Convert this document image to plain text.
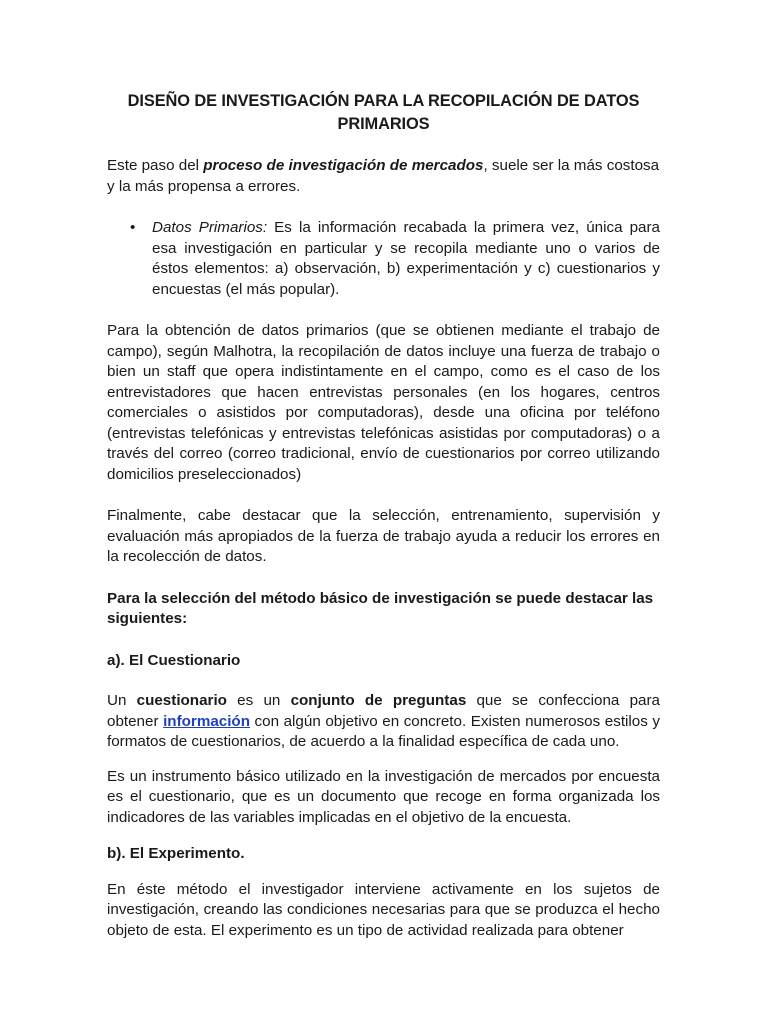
DISEÑO DE INVESTIGACIÓN PARA LA RECOPILACIÓN DE DATOS PRIMARIOS

Este paso del proceso de investigación de mercados, suele ser la más costosa y la más propensa a errores.

• Datos Primarios: Es la información recabada la primera vez, única para esa investigación en particular y se recopila mediante uno o varios de éstos elementos: a) observación, b) experimentación y c) cuestionarios y encuestas (el más popular).

Para la obtención de datos primarios (que se obtienen mediante el trabajo de campo), según Malhotra, la recopilación de datos incluye una fuerza de trabajo o bien un staff que opera indistintamente en el campo, como es el caso de los entrevistadores que hacen entrevistas personales (en los hogares, centros comerciales o asistidos por computadoras), desde una oficina por teléfono (entrevistas telefónicas y entrevistas telefónicas asistidas por computadoras) o a través del correo (correo tradicional, envío de cuestionarios por correo utilizando domicilios preseleccionados)

Finalmente, cabe destacar que la selección, entrenamiento, supervisión y evaluación más apropiados de la fuerza de trabajo ayuda a reducir los errores en la recolección de datos.

Para la selección del método básico de investigación se puede destacar las siguientes:

a). El Cuestionario

Un cuestionario es un conjunto de preguntas que se confecciona para

obtener información con algún objetivo en concreto. Existen numerosos estilos y formatos de cuestionarios, de acuerdo a la finalidad específica de cada uno.

Es un instrumento básico utilizado en la investigación de mercados por encuesta es el cuestionario, que es un documento que recoge en forma organizada los indicadores de las variables implicadas en el objetivo de la encuesta.

b). El Experimento.

En éste método el investigador interviene activamente en los sujetos de investigación, creando las condiciones necesarias para que se produzca el hecho objeto de esta. El experimento es un tipo de actividad realizada para obtener
